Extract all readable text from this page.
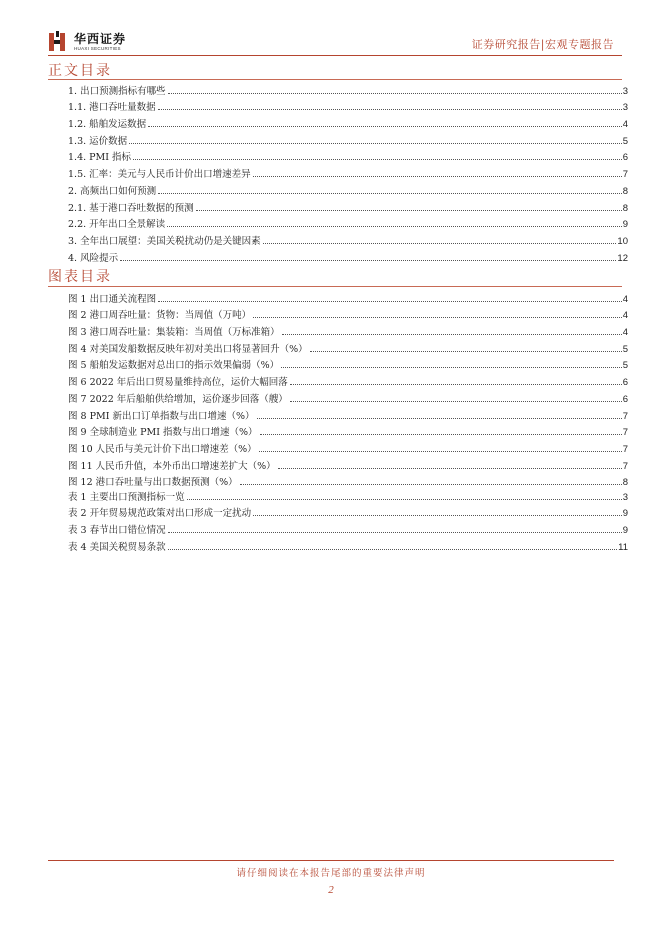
华西证券
HUAXI SECURITIES	证券研究报告|宏观专题报告
正文目录
1. 出口预测指标有哪些	3
1.1. 港口吞吐量数据	3
1.2. 船舶发运数据	4
1.3. 运价数据	5
1.4. PMI 指标	6
1.5. 汇率：美元与人民币计价出口增速差异	7
2. 高频出口如何预测	8
2.1. 基于港口吞吐数据的预测	8
2.2. 开年出口全景解读	9
3. 全年出口展望：美国关税扰动仍是关键因素	10
4. 风险提示	12
图表目录
图 1 出口通关流程图	4
图 2 港口周吞吐量：货物：当周值（万吨）	4
图 3 港口周吞吐量：集装箱：当周值（万标准箱）	4
图 4 对美国发船数据反映年初对美出口将显著回升（%）	5
图 5 船舶发运数据对总出口的指示效果偏弱（%）	5
图 6 2022 年后出口贸易量维持高位，运价大幅回落	6
图 7 2022 年后船舶供给增加，运价逐步回落（艘）	6
图 8 PMI 新出口订单指数与出口增速（%）	7
图 9 全球制造业 PMI 指数与出口增速（%）	7
图 10 人民币与美元计价下出口增速差（%）	7
图 11 人民币升值，本外币出口增速差扩大（%）	7
图 12 港口吞吐量与出口数据预测（%）	8
表 1 主要出口预测指标一览	3
表 2 开年贸易规范政策对出口形成一定扰动	9
表 3 春节出口错位情况	9
表 4 美国关税贸易条款	11
请仔细阅读在本报告尾部的重要法律声明
2
